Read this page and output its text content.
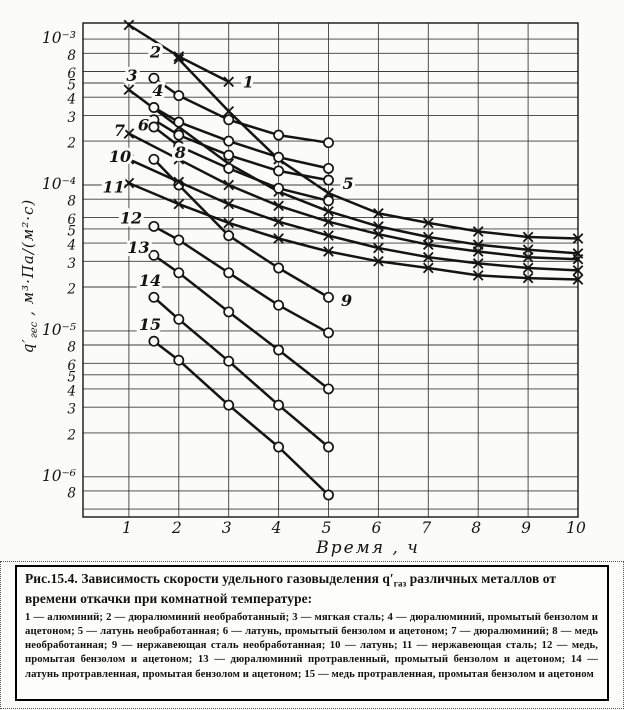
1
2
3
4
5
6
7
8
9
10
11
12
13
14
15
10⁻³
8
6
5
4
3
2
10⁻⁴
8
6
5
4
3
2
10⁻⁵
8
6
5
4
3
2
10⁻⁶
8
1	2	3	4	5	6	7	8	9 10
Время , ч
$q'_{гес}$ , м³·Па/(м²·с)

Рис.15.4. Зависимость скорости удельного газовыделения $q'_{газ}$ различных металлов от времени откачки при комнатной температуре:

1 — алюминий; 2 — дюралюминий необработанный; 3 — мягкая сталь; 4 — дюралюминий, промытый бензолом и ацетоном; 5 — латунь необработанная; 6 — латунь, промытый бензолом и ацетоном; 7 — дюралюминий; 8 — медь необработанная; 9 — нержавеющая сталь необработанная; 10 — латунь; 11 — нержавеющая сталь; 12 — медь, промытая бензолом и ацетоном; 13 — дюралюминий протравленный, промытый бензолом и ацетоном; 14 — латунь протравленная, промытая бензолом и ацетоном; 15 — медь протравленная, промытая бензолом и ацетоном
